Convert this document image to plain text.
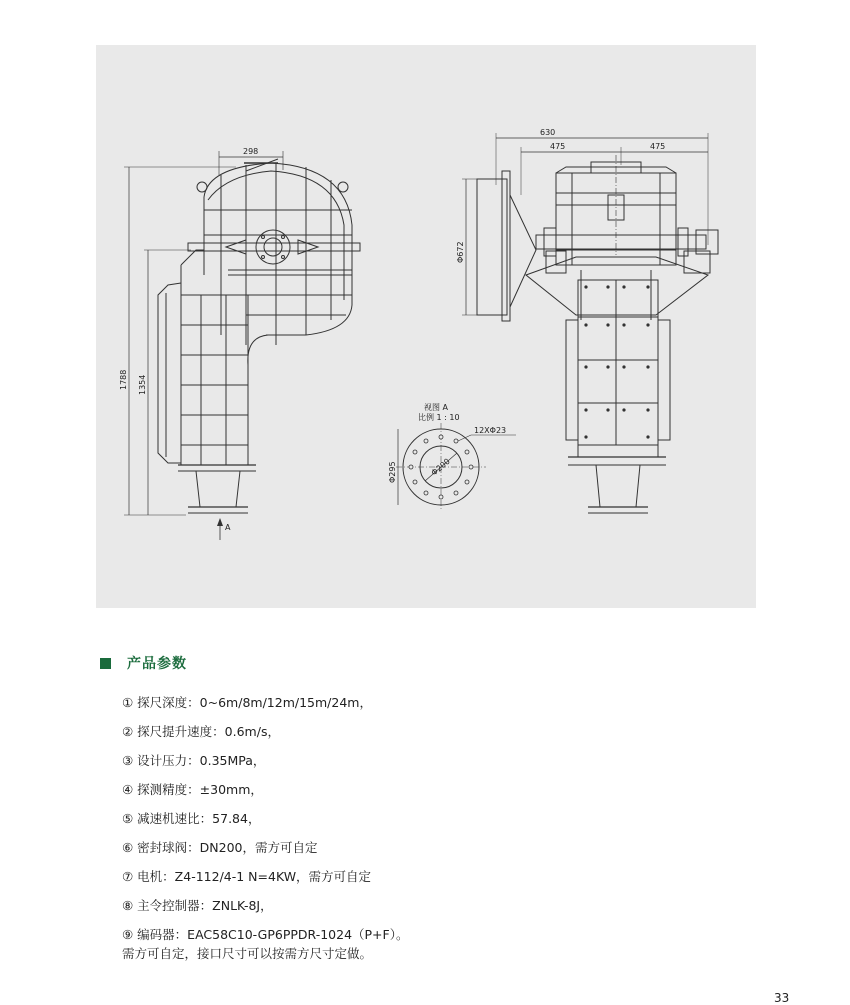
298
1788 1354
A
630
475	475
Φ672
视图 A
比例 1 : 10
Φ200
Φ295
12XΦ23
产品参数
① 探尺深度：0~6m/8m/12m/15m/24m，
② 探尺提升速度：0.6m/s，
③ 设计压力：0.35MPa，
④ 探测精度：±30mm，
⑤ 减速机速比：57.84，
⑥ 密封球阀：DN200，需方可自定
⑦ 电机：Z4-112/4-1 N=4KW，需方可自定
⑧ 主令控制器：ZNLK-8J，
⑨ 编码器：EAC58C10-GP6PPDR-1024（P+F）。
需方可自定，接口尺寸可以按需方尺寸定做。
33
